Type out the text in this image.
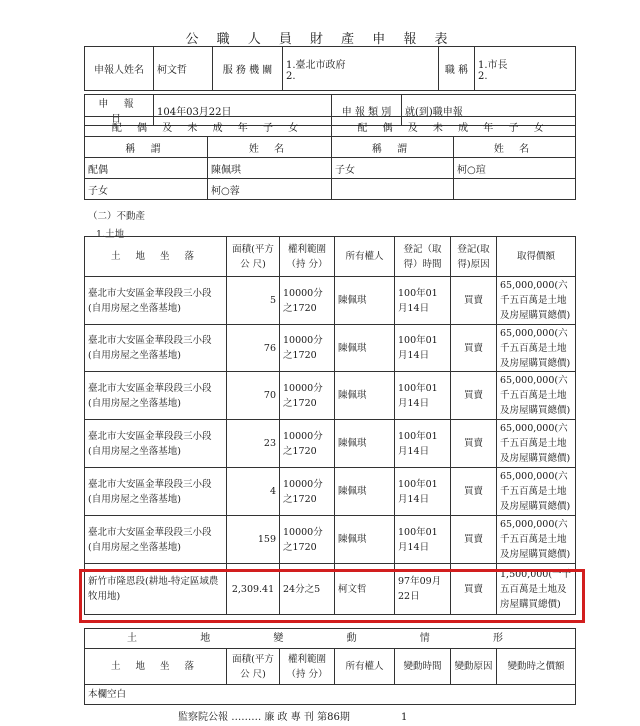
公 職 人 員 財 產 申 報 表
申報人姓名	柯文哲	服 務 機 關	1.臺北市政府
2.	職 稱	1.市長
2.
申 報 日	104年03月22日	申 報 類 別	就(到)職申報
配 偶 及 未 成 年 子 女		配 偶 及 未 成 年 子 女	
稱 謂	姓 名	稱 謂	姓 名
配偶	陳佩琪	子女	柯○瑄
子女	柯○蓉		
（二）不動產
1.土地
土 地 坐 落	面積(平方公 尺)	權利範圍（持 分）	所有權人	登記（取得）時間	登記(取得)原因	取得價額
臺北市大安區金華段段三小段(自用房屋之坐落基地)	5	10000分之1720	陳佩琪	100年01月14日	買賣	65,000,000(六千五百萬是土地及房屋購買總價)
臺北市大安區金華段段三小段(自用房屋之坐落基地)	76	10000分之1720	陳佩琪	100年01月14日	買賣	65,000,000(六千五百萬是土地及房屋購買總價)
臺北市大安區金華段段三小段(自用房屋之坐落基地)	70	10000分之1720	陳佩琪	100年01月14日	買賣	65,000,000(六千五百萬是土地及房屋購買總價)
臺北市大安區金華段段三小段(自用房屋之坐落基地)	23	10000分之1720	陳佩琪	100年01月14日	買賣	65,000,000(六千五百萬是土地及房屋購買總價)
臺北市大安區金華段段三小段(自用房屋之坐落基地)	4	10000分之1720	陳佩琪	100年01月14日	買賣	65,000,000(六千五百萬是土地及房屋購買總價)
臺北市大安區金華段段三小段(自用房屋之坐落基地)	159	10000分之1720	陳佩琪	100年01月14日	買賣	65,000,000(六千五百萬是土地及房屋購買總價)
新竹市隆恩段(耕地-特定區域農牧用地)	2,309.41	24分之5	柯文哲	97年09月22日	買賣	1,500,000(一千五百萬是土地及房屋購買總價)
土 地 變 動 情 形
土 地 坐 落	面積(平方公 尺)	權利範圍（持 分）	所有權人	變動時間	變動原因	變動時之價額
本欄空白
監察院公報 ……… 廉 政 專 刊 第86期	1
